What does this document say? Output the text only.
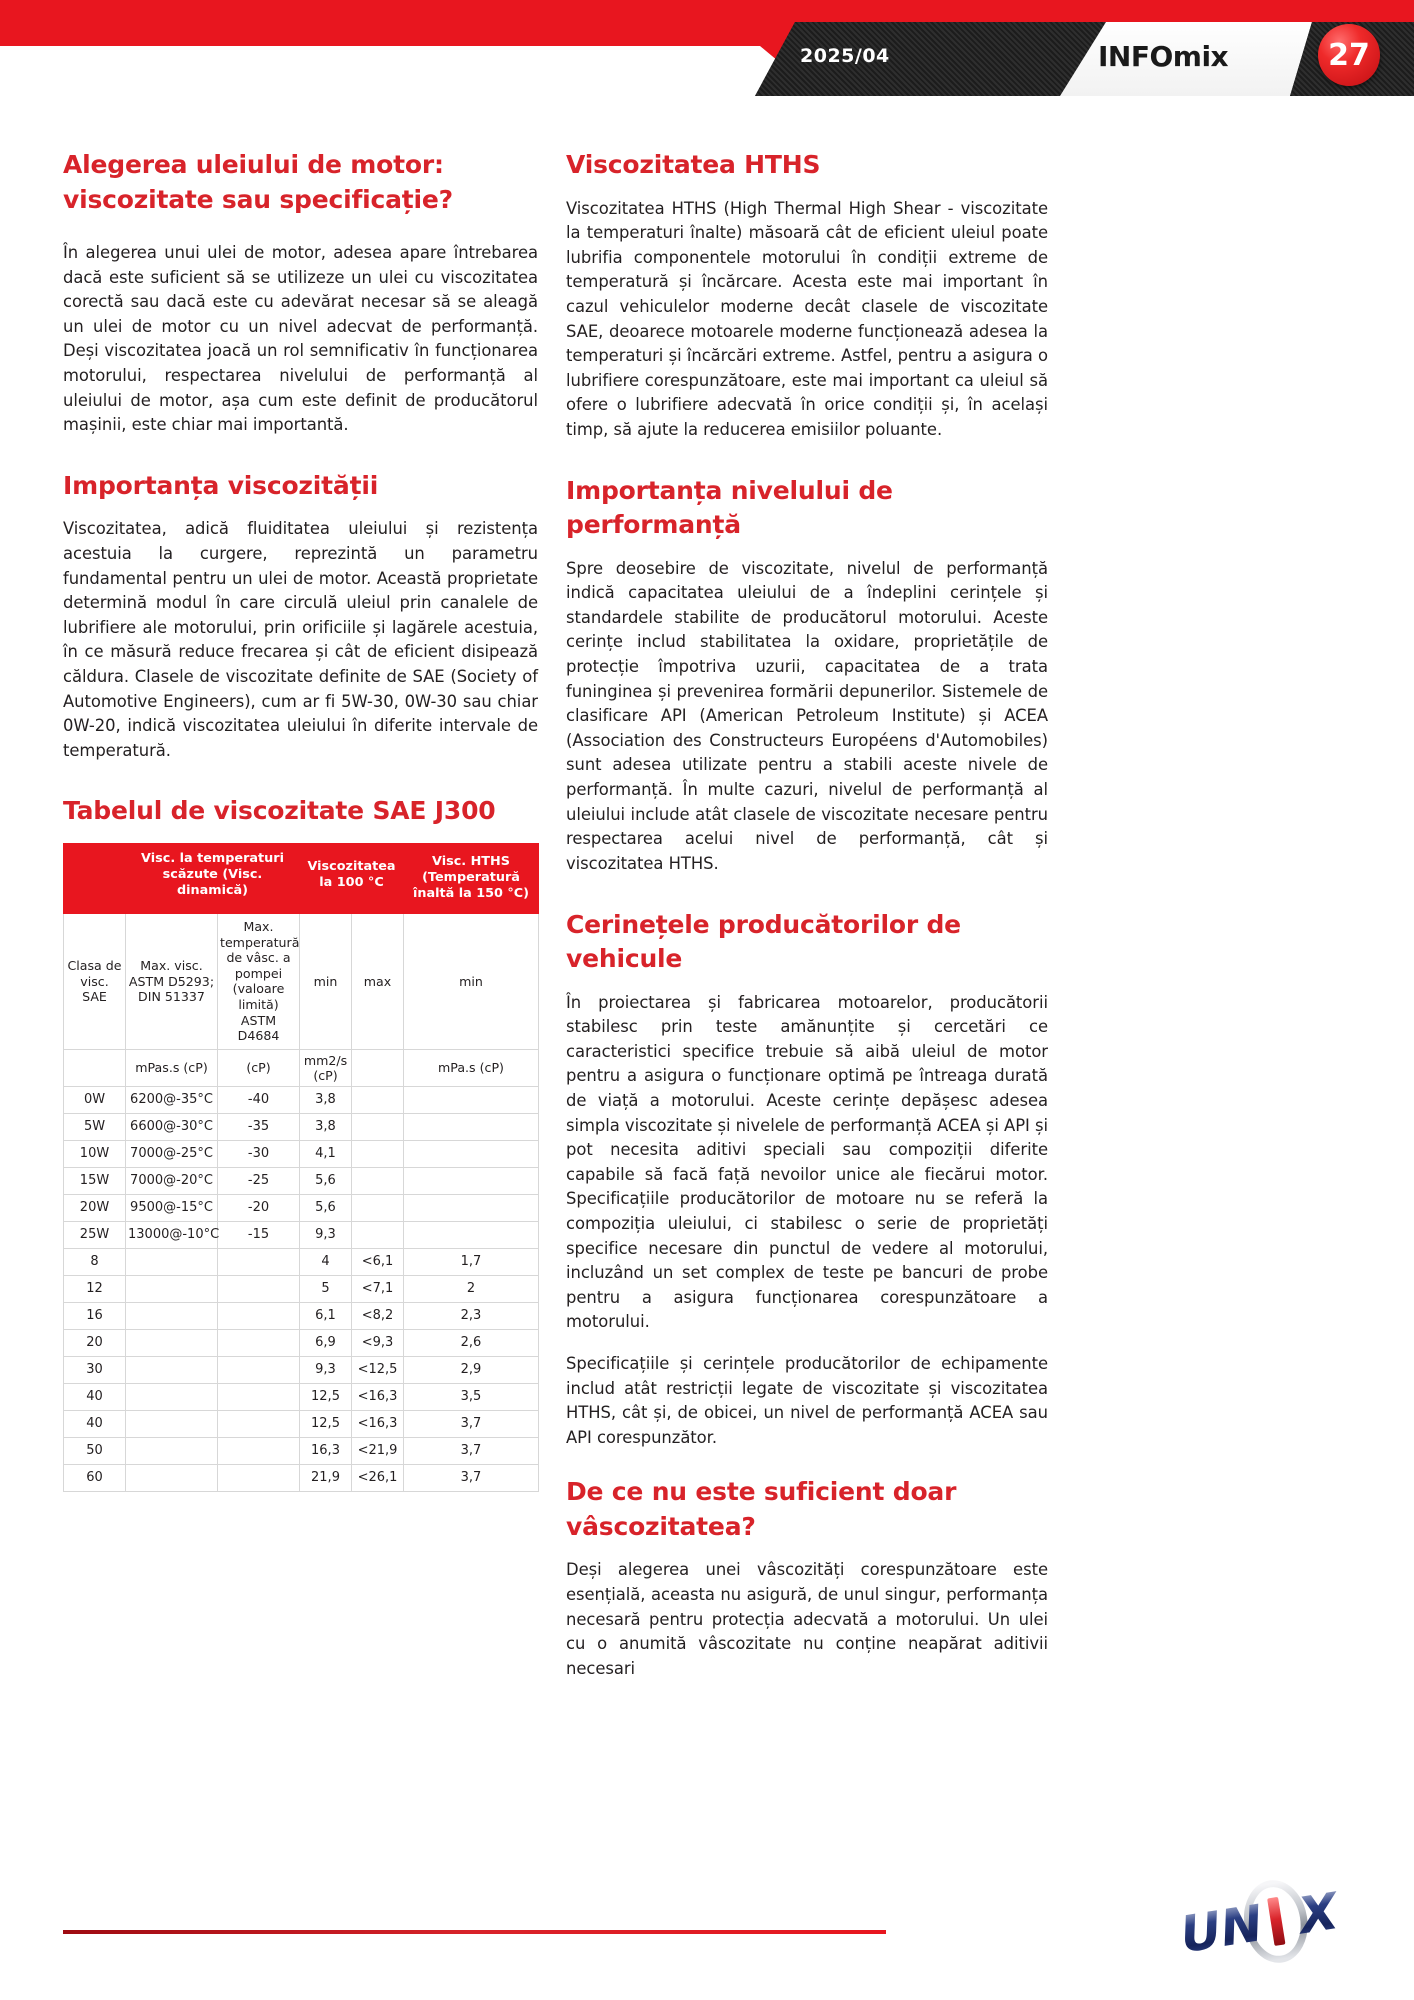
2025/04	INFOmix	27
Alegerea uleiului de motor: viscozitate sau specificație?

În alegerea unui ulei de motor, adesea apare întrebarea dacă este suficient să se utilizeze un ulei cu viscozitatea corectă sau dacă este cu adevărat necesar să se aleagă un ulei de motor cu un nivel adecvat de performanță. Deși viscozitatea joacă un rol semnificativ în funcționarea motorului, respectarea nivelului de performanță al uleiului de motor, așa cum este definit de producătorul mașinii, este chiar mai importantă.

Importanța viscozității

Viscozitatea, adică fluiditatea uleiului și rezistența acestuia la curgere, reprezintă un parametru fundamental pentru un ulei de motor. Această proprietate determină modul în care circulă uleiul prin canalele de lubrifiere ale motorului, prin orificiile și lagărele acestuia, în ce măsură reduce frecarea și cât de eficient disipează căldura. Clasele de viscozitate definite de SAE (Society of Automotive Engineers), cum ar fi 5W-30, 0W-30 sau chiar 0W-20, indică viscozitatea uleiului în diferite intervale de temperatură.

Tabelul de viscozitate SAE J300
	Visc. la temperaturi scăzute (Visc. dinamică)		Viscozitatea la 100 °C		Visc. HTHS (Temperatură înaltă la 150 °C)

Clasa de visc. SAE	Max. visc. ASTM D5293; DIN 51337	Max. temperatură de vâsc. a pompei (valoare limită) ASTM D4684	min	max	min
	mPas.s (cP)	(cP)	mm2/s (cP)		mPa.s (cP)
0W	6200@-35°C	-40	3,8		
5W	6600@-30°C	-35	3,8		
10W	7000@-25°C	-30	4,1		
15W	7000@-20°C	-25	5,6		
20W	9500@-15°C	-20	5,6		
25W	13000@-10°C	-15	9,3		
8			4	<6,1	1,7
12			5	<7,1	2
16			6,1	<8,2	2,3
20			6,9	<9,3	2,6
30			9,3	<12,5	2,9
40			12,5	<16,3	3,5
40			12,5	<16,3	3,7
50			16,3	<21,9	3,7
60			21,9	<26,1	3,7
Viscozitatea HTHS

Viscozitatea HTHS (High Thermal High Shear - viscozitate la temperaturi înalte) măsoară cât de eficient uleiul poate lubrifia componentele motorului în condiții extreme de temperatură și încărcare. Acesta este mai important în cazul vehiculelor moderne decât clasele de viscozitate SAE, deoarece motoarele moderne funcționează adesea la temperaturi și încărcări extreme. Astfel, pentru a asigura o lubrifiere corespunzătoare, este mai important ca uleiul să ofere o lubrifiere adecvată în orice condiții și, în același timp, să ajute la reducerea emisiilor poluante.

Importanța nivelului de performanță

Spre deosebire de viscozitate, nivelul de performanță indică capacitatea uleiului de a îndeplini cerințele și standardele stabilite de producătorul motorului. Aceste cerințe includ stabilitatea la oxidare, proprietățile de protecție împotriva uzurii, capacitatea de a trata funinginea și prevenirea formării depunerilor. Sistemele de clasificare API (American Petroleum Institute) și ACEA (Association des Constructeurs Européens d'Automobiles) sunt adesea utilizate pentru a stabili aceste nivele de performanță. În multe cazuri, nivelul de performanță al uleiului include atât clasele de viscozitate necesare pentru respectarea acelui nivel de performanță, cât și viscozitatea HTHS.

Cerinețele producătorilor de vehicule

În proiectarea și fabricarea motoarelor, producătorii stabilesc prin teste amănunțite și cercetări ce caracteristici specifice trebuie să aibă uleiul de motor pentru a asigura o funcționare optimă pe întreaga durată de viață a motorului. Aceste cerințe depășesc adesea simpla viscozitate și nivelele de performanță ACEA și API și pot necesita aditivi speciali sau compoziții diferite capabile să facă față nevoilor unice ale fiecărui motor. Specificațiile producătorilor de motoare nu se referă la compoziția uleiului, ci stabilesc o serie de proprietăți specifice necesare din punctul de vedere al motorului, incluzând un set complex de teste pe bancuri de probe pentru a asigura funcționarea corespunzătoare a motorului.

Specificațiile și cerințele producătorilor de echipamente includ atât restricții legate de viscozitate și viscozitatea HTHS, cât și, de obicei, un nivel de performanță ACEA sau API corespunzător.

De ce nu este suficient doar vâscozitatea?

Deși alegerea unei vâscozități corespunzătoare este esențială, aceasta nu asigură, de unul singur, performanța necesară pentru protecția adecvată a motorului. Un ulei cu o anumită vâscozitate nu conține neapărat aditivii necesari

UN X
